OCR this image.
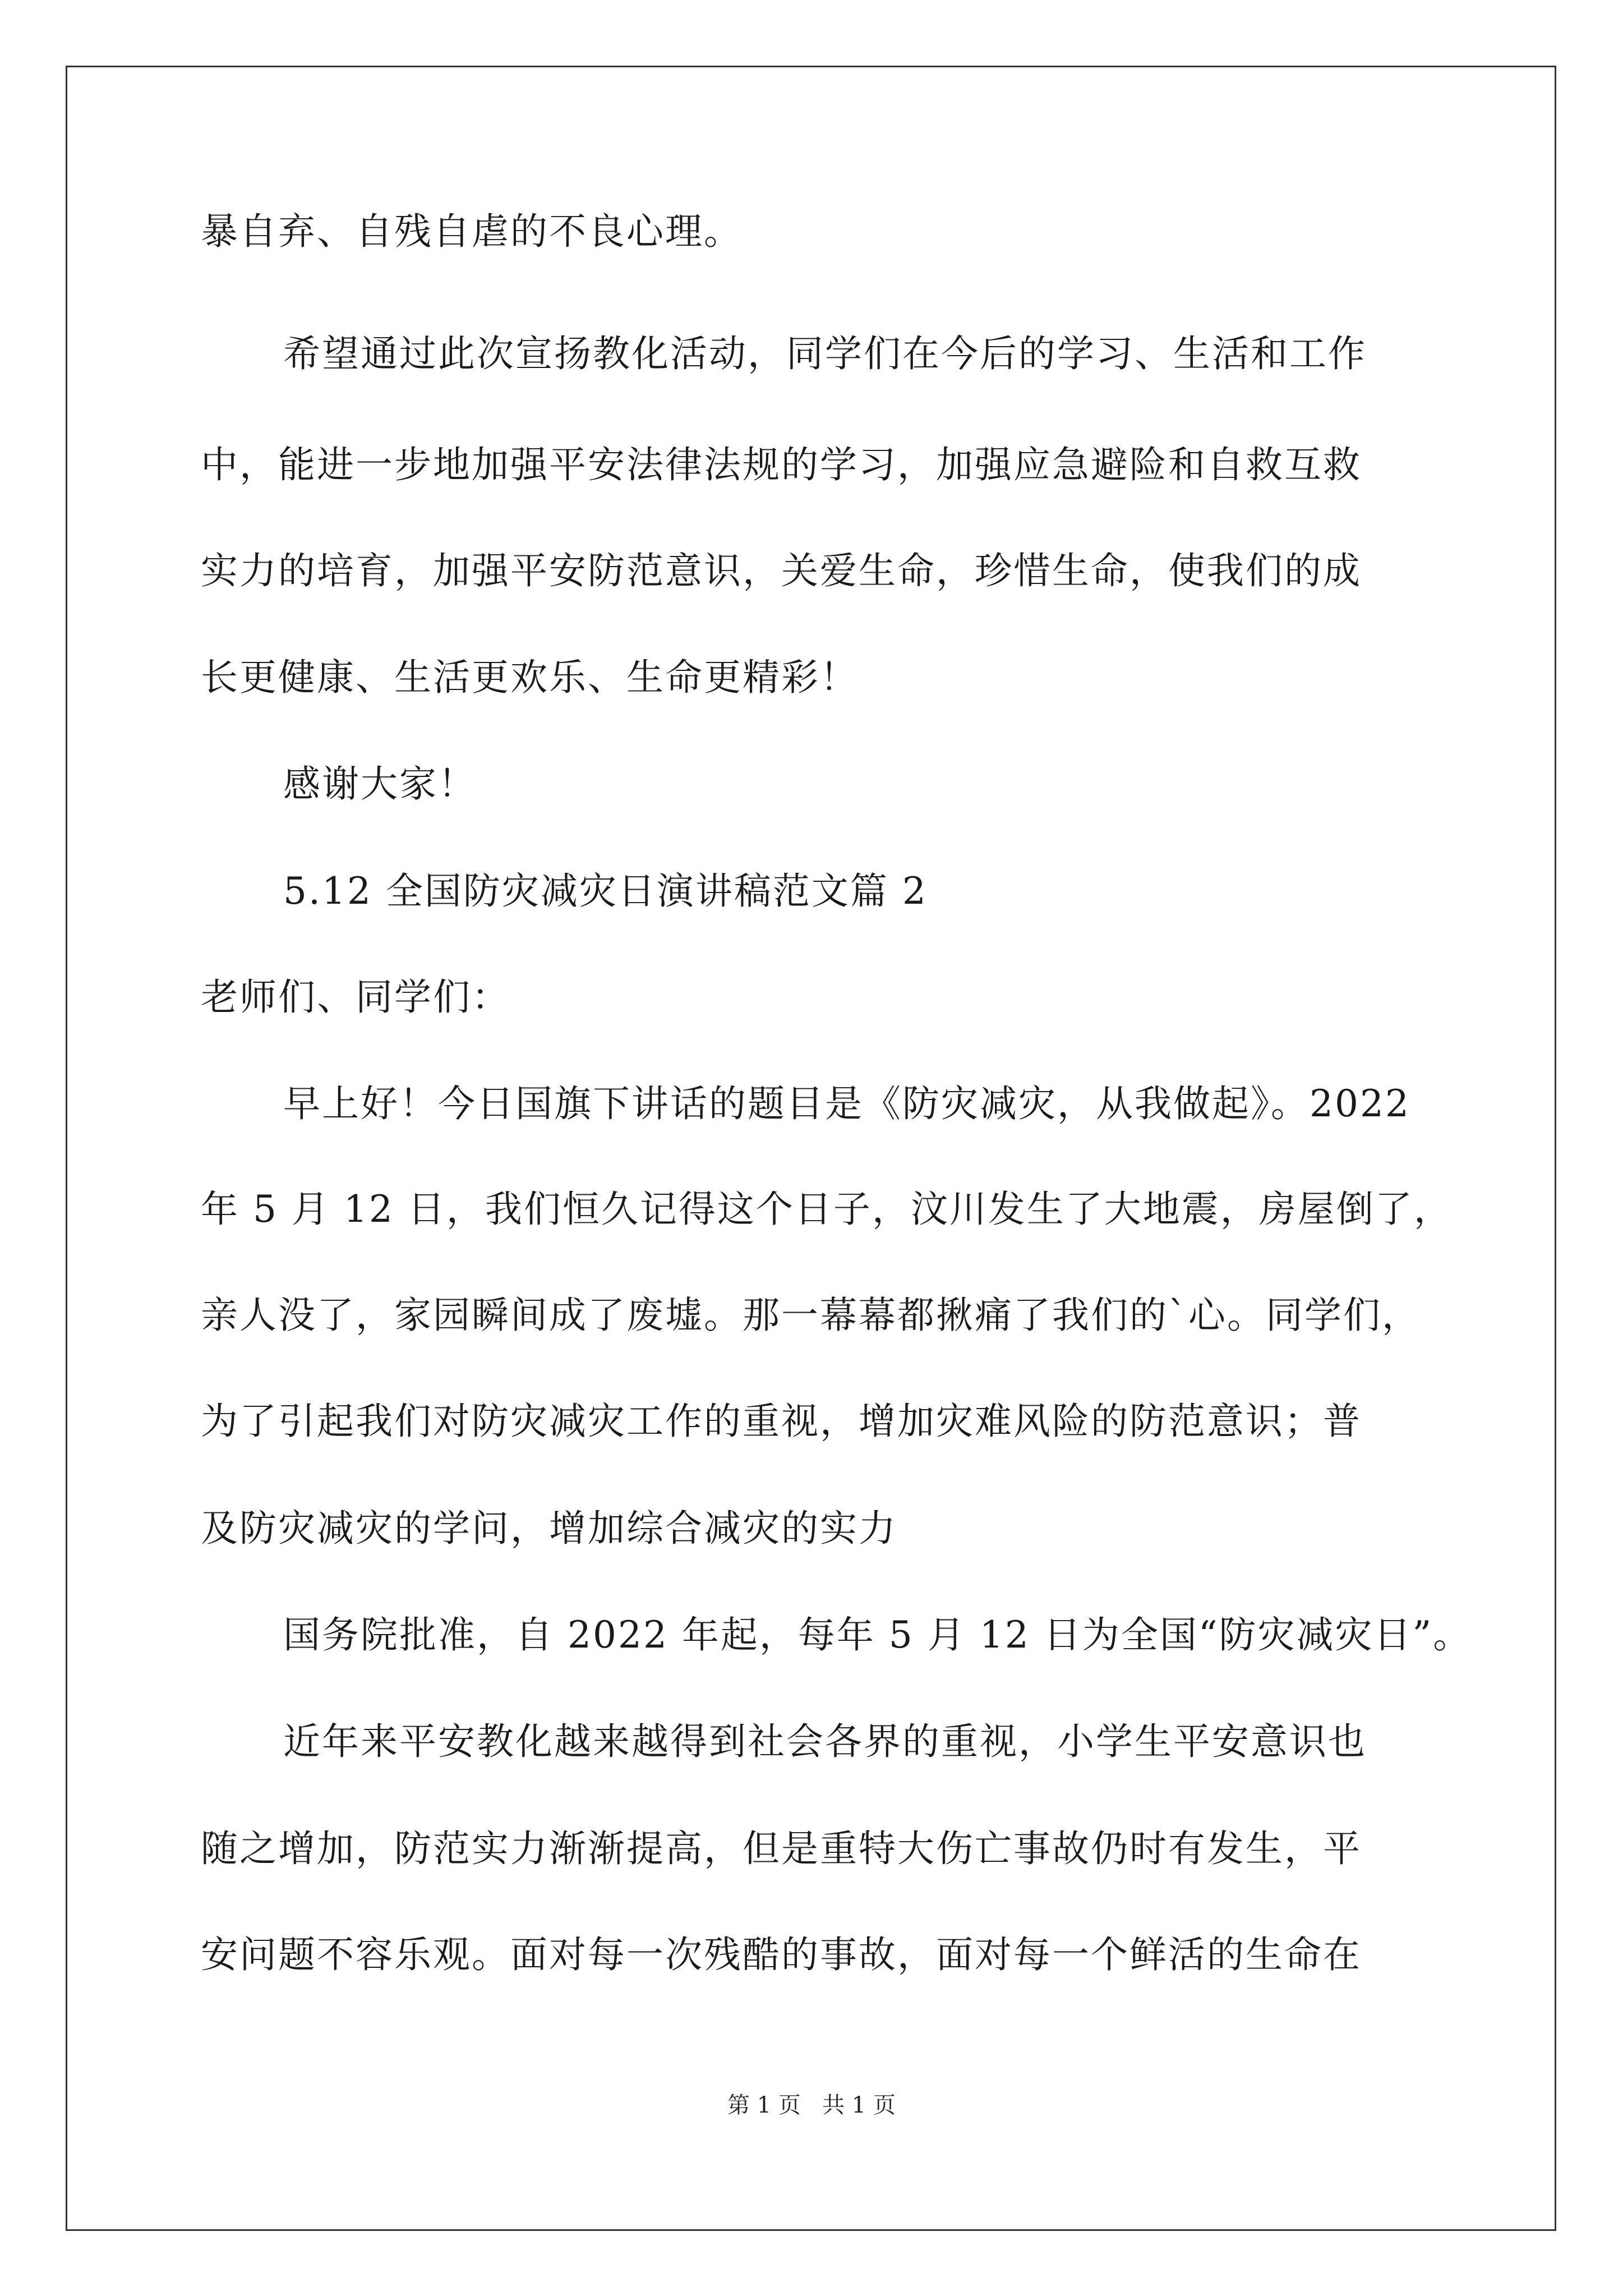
暴自弃、自残自虐的不良心理。
希望通过此次宣扬教化活动，同学们在今后的学习、生活和工作
中，能进一步地加强平安法律法规的学习，加强应急避险和自救互救
实力的培育，加强平安防范意识，关爱生命，珍惜生命，使我们的成
长更健康、生活更欢乐、生命更精彩！
感谢大家！
5.12 全国防灾减灾日演讲稿范文篇 2
老师们、同学们：
早上好！今日国旗下讲话的题目是《防灾减灾，从我做起》。2022
年 5 月 12 日，我们恒久记得这个日子，汶川发生了大地震，房屋倒了，
亲人没了，家园瞬间成了废墟。那一幕幕都揪痛了我们的`心。同学们，
为了引起我们对防灾减灾工作的重视，增加灾难风险的防范意识；普
及防灾减灾的学问，增加综合减灾的实力
国务院批准，自 2022 年起，每年 5 月 12 日为全国“防灾减灾日”。
近年来平安教化越来越得到社会各界的重视，小学生平安意识也
随之增加，防范实力渐渐提高，但是重特大伤亡事故仍时有发生，平
安问题不容乐观。面对每一次残酷的事故，面对每一个鲜活的生命在
第 1 页   共 1 页
